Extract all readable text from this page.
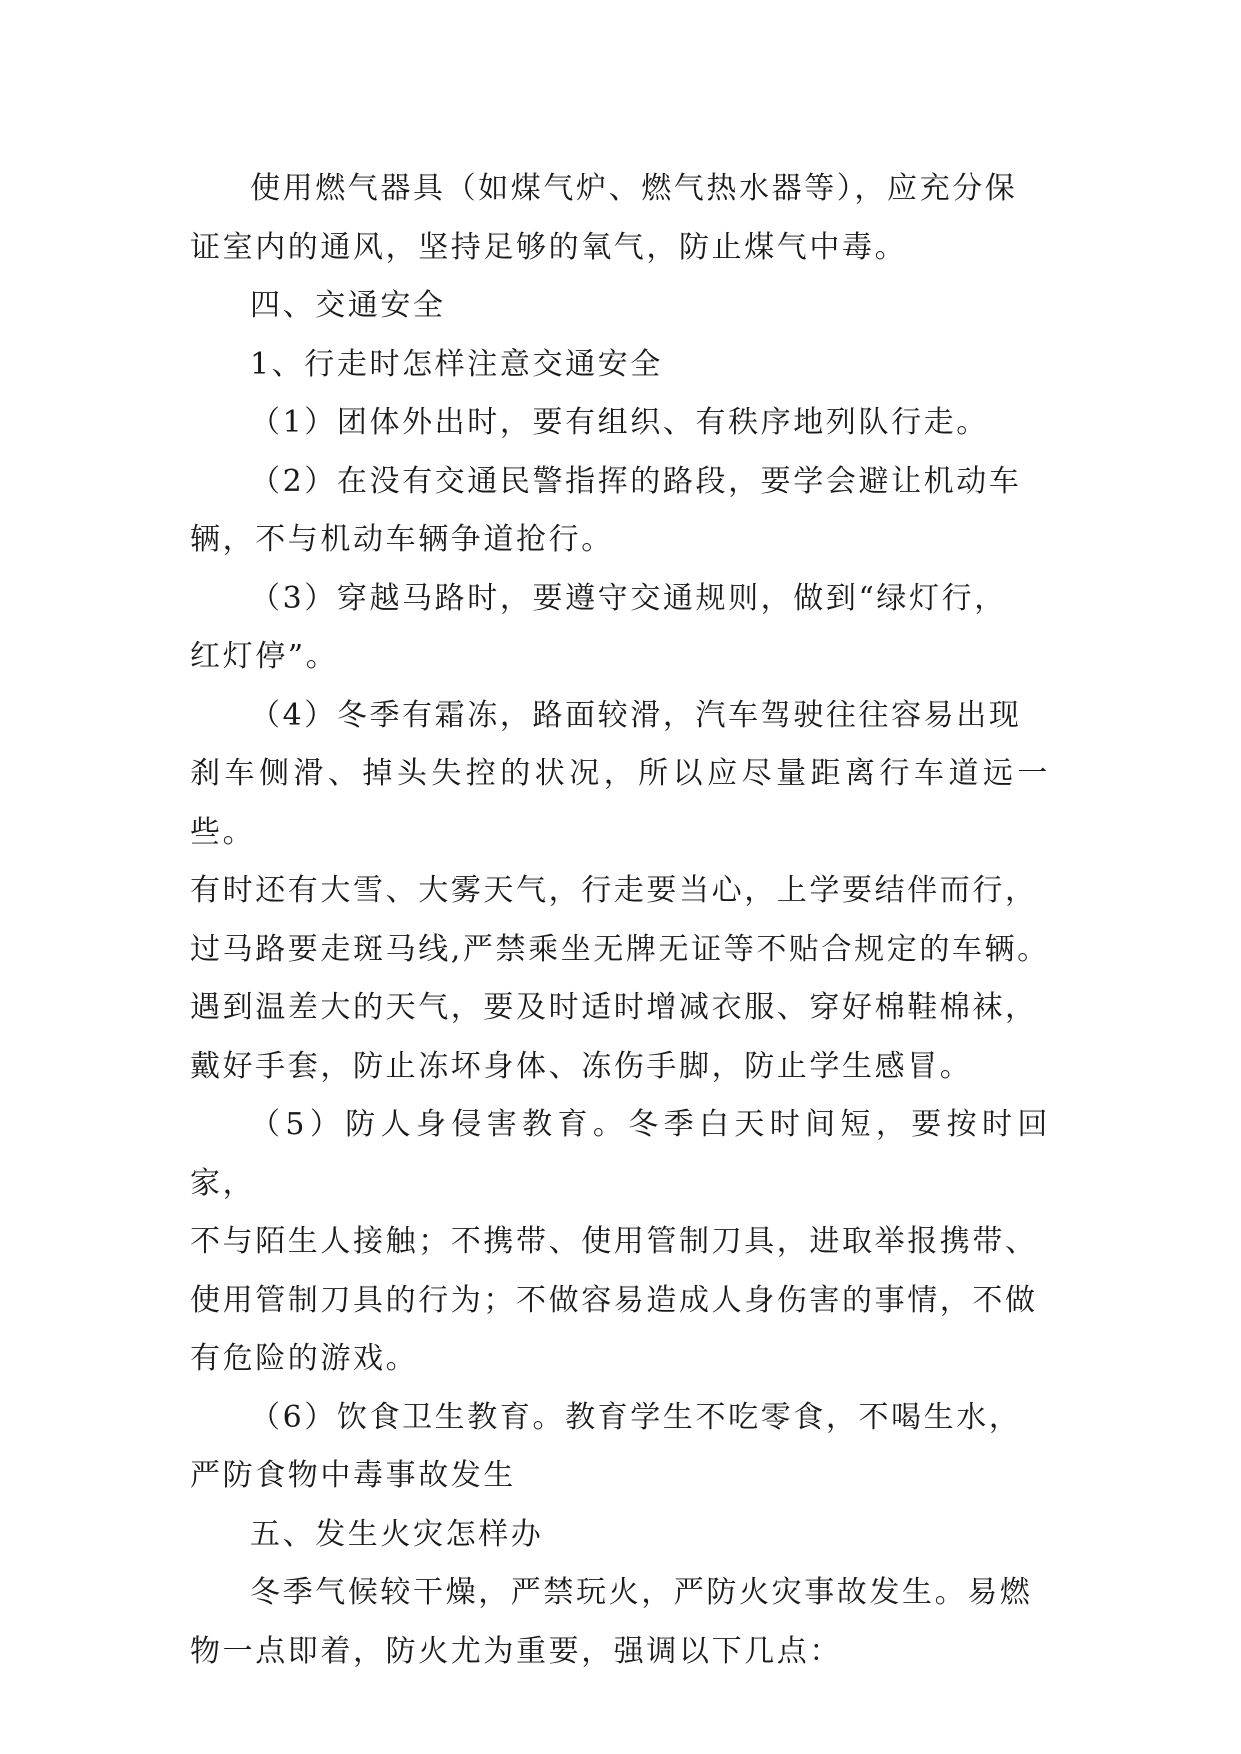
使用燃气器具（如煤气炉、燃气热水器等），应充分保
证室内的通风，坚持足够的氧气，防止煤气中毒。
四、交通安全
1、行走时怎样注意交通安全
（1）团体外出时，要有组织、有秩序地列队行走。
（2）在没有交通民警指挥的路段，要学会避让机动车
辆，不与机动车辆争道抢行。
（3）穿越马路时，要遵守交通规则，做到“绿灯行，
红灯停”。
（4）冬季有霜冻，路面较滑，汽车驾驶往往容易出现
刹车侧滑、掉头失控的状况，所以应尽量距离行车道远一些。
有时还有大雪、大雾天气，行走要当心，上学要结伴而行，
过马路要走斑马线,严禁乘坐无牌无证等不贴合规定的车辆。
遇到温差大的天气，要及时适时增减衣服、穿好棉鞋棉袜，
戴好手套，防止冻坏身体、冻伤手脚，防止学生感冒。
（5）防人身侵害教育。冬季白天时间短，要按时回家，
不与陌生人接触；不携带、使用管制刀具，进取举报携带、
使用管制刀具的行为；不做容易造成人身伤害的事情，不做
有危险的游戏。
（6）饮食卫生教育。教育学生不吃零食，不喝生水，
严防食物中毒事故发生
五、发生火灾怎样办
冬季气候较干燥，严禁玩火，严防火灾事故发生。易燃
物一点即着，防火尤为重要，强调以下几点：
